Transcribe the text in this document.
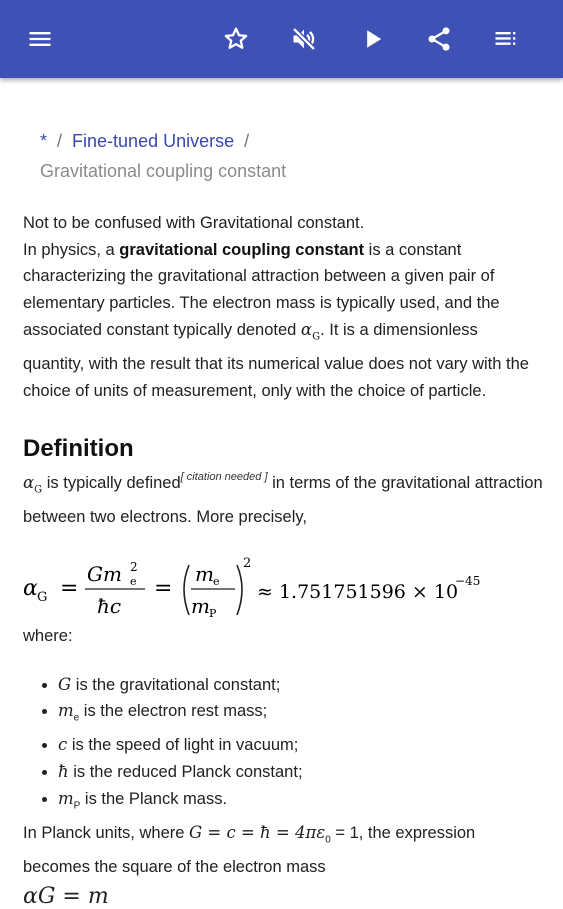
* / Fine-tuned Universe /
Gravitational coupling constant

Not to be confused with Gravitational constant.

In physics, a gravitational coupling constant is a constant characterizing the gravitational attraction between a given pair of elementary particles. The electron mass is typically used, and the associated constant typically denoted $\alpha_G$. It is a dimensionless quantity, with the result that its numerical value does not vary with the choice of units of measurement, only with the choice of particle.

Definition

$\alpha_G$ is typically defined[ citation needed ] in terms of the gravitational attraction between two electrons. More precisely,

α G =
Gm 2
e
ħc
=
m e
m P
2
≈ 1.751751596 × 10
−45

where:

• G is the gravitational constant;
• $m_e$ is the electron rest mass;
• c is the speed of light in vacuum;
• ħ is the reduced Planck constant;
• $m_P$ is the Planck mass.

In Planck units, where G = c = ħ = $4\pi\varepsilon_0 = 1$, the expression becomes the square of the electron mass

αG = m
